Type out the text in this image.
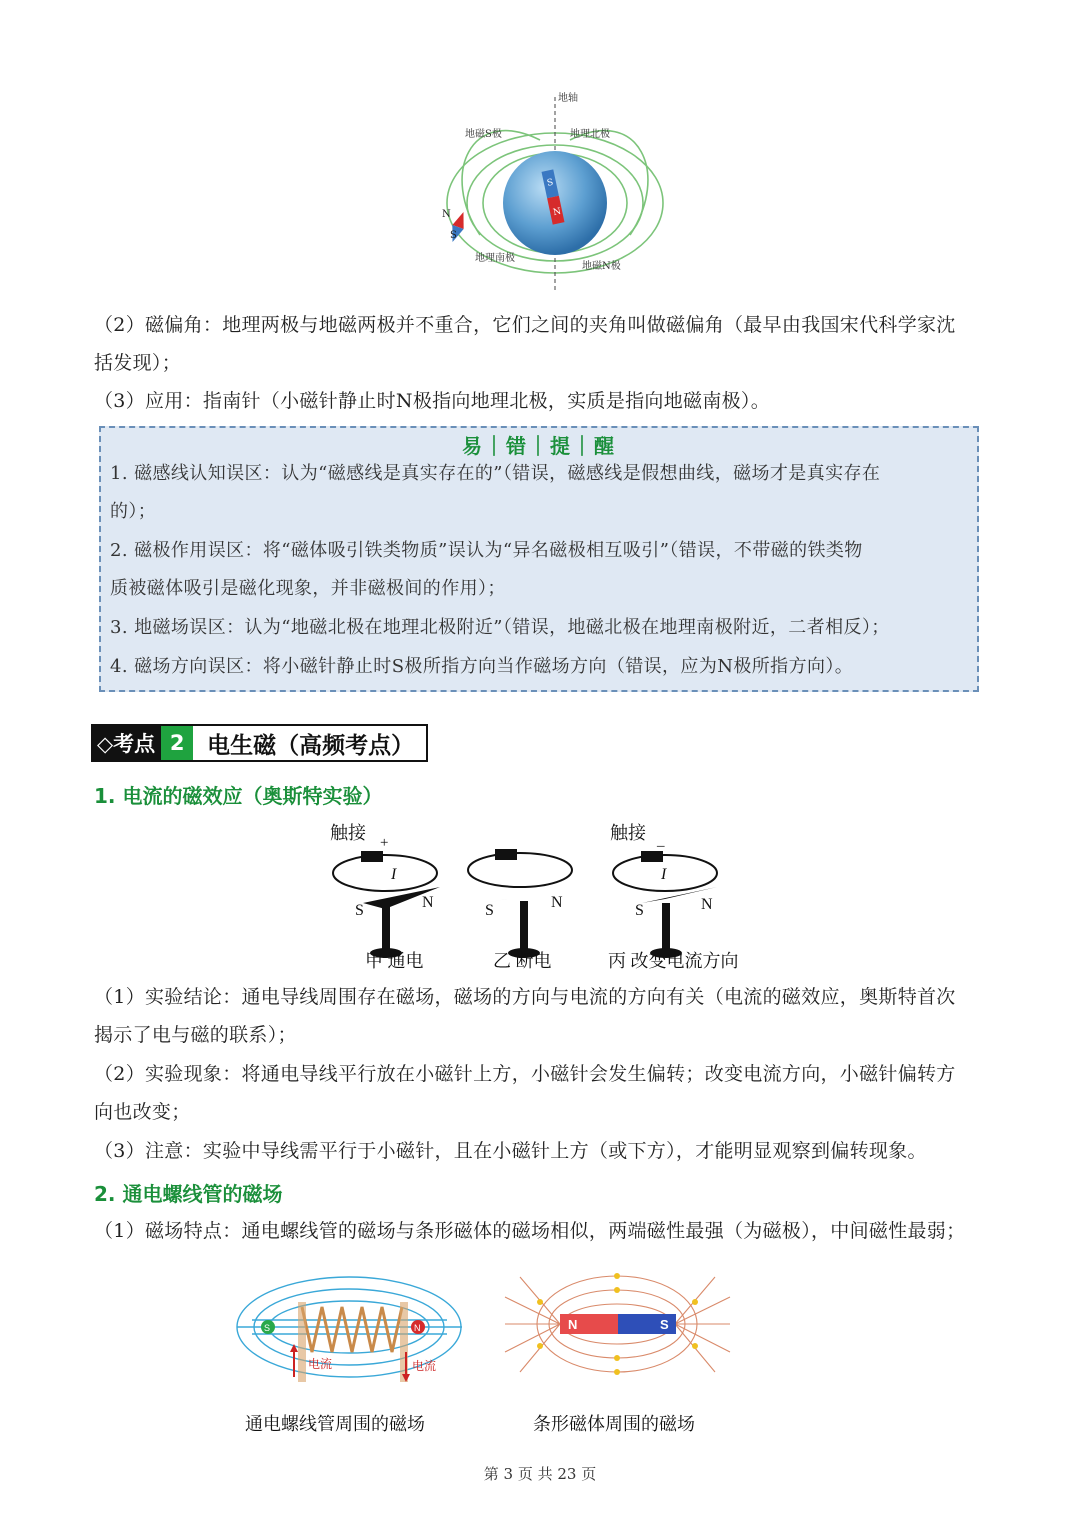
S
N
N
S
地轴
地磁S极	地理北极
地理南极
地磁N极
（2）磁偏角：地理两极与地磁两极并不重合，它们之间的夹角叫做磁偏角（最早由我国宋代科学家沈
括发现）；
（3）应用：指南针（小磁针静止时N极指向地理北极，实质是指向地磁南极）。
易｜错｜提｜醒
1. 磁感线认知误区：认为“磁感线是真实存在的”（错误，磁感线是假想曲线，磁场才是真实存在
的）；
2. 磁极作用误区：将“磁体吸引铁类物质”误认为“异名磁极相互吸引”（错误，不带磁的铁类物
质被磁体吸引是磁化现象，并非磁极间的作用）；
3. 地磁场误区：认为“地磁北极在地理北极附近”（错误，地磁北极在地理南极附近，二者相反）；
4. 磁场方向误区：将小磁针静止时S极所指方向当作磁场方向（错误，应为N极所指方向）。
◇考点 2 电生磁（高频考点）
1. 电流的磁效应（奥斯特实验）
触接 +
I
S	N
甲 通电
S	N
乙 断电
触接 _
I
S	N
丙 改变电流方向
（1）实验结论：通电导线周围存在磁场，磁场的方向与电流的方向有关（电流的磁效应，奥斯特首次
揭示了电与磁的联系）；
（2）实验现象：将通电导线平行放在小磁针上方，小磁针会发生偏转；改变电流方向，小磁针偏转方
向也改变；
（3）注意：实验中导线需平行于小磁针，且在小磁针上方（或下方），才能明显观察到偏转现象。
2. 通电螺线管的磁场
（1）磁场特点：通电螺线管的磁场与条形磁体的磁场相似，两端磁性最强（为磁极），中间磁性最弱；
S	N
电流	电流
通电螺线管周围的磁场
N	S
条形磁体周围的磁场
第 3 页 共 23 页
